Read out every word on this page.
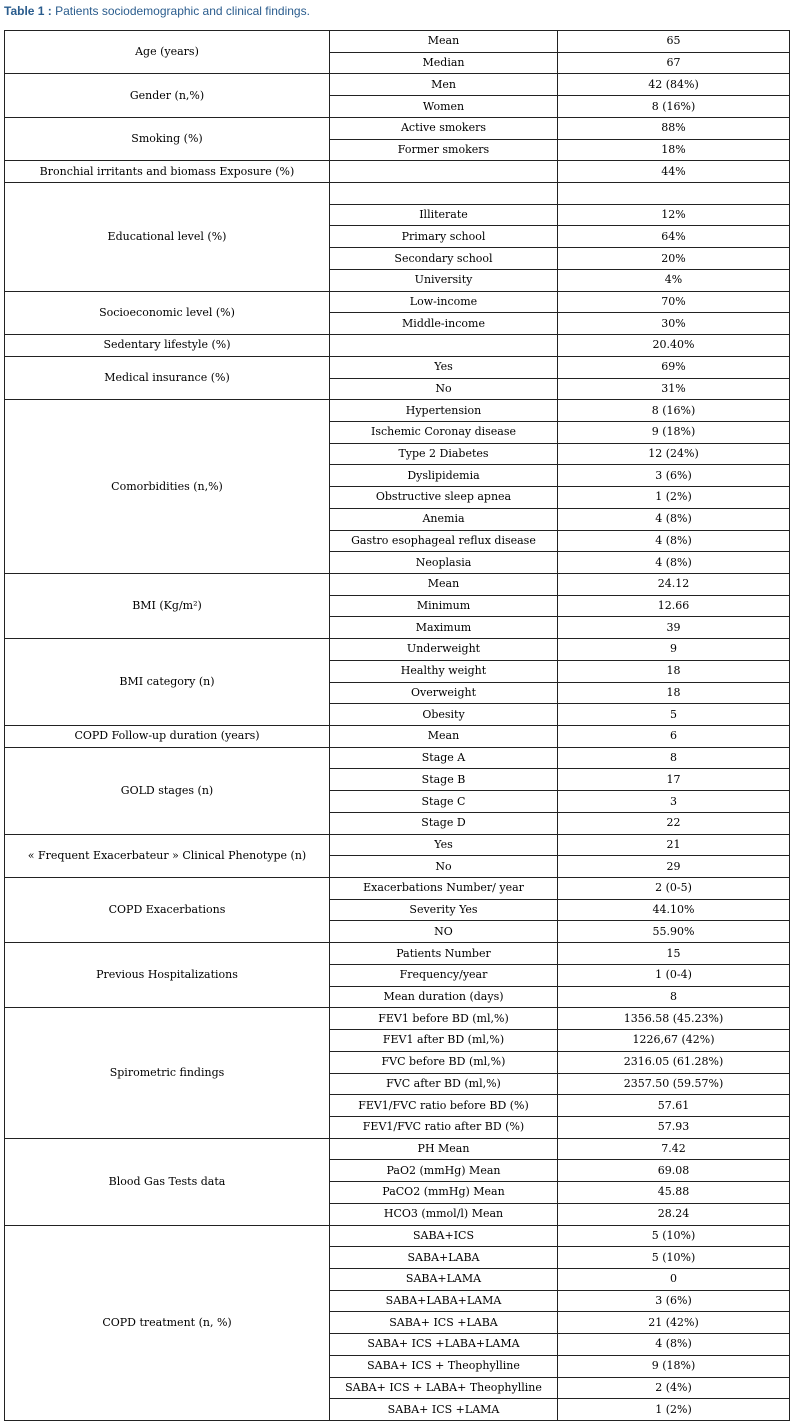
Table 1 : Patients sociodemographic and clinical findings.
Age (years)	Mean	65
	Median	67
Gender (n,%)	Men	42 (84%)
	Women	8 (16%)
Smoking (%)	Active smokers	88%
	Former smokers	18%
Bronchial irritants and biomass Exposure (%)		44%
Educational level (%)		
	Illiterate	12%
	Primary school	64%
	Secondary school	20%
	University	4%
Socioeconomic level (%)	Low-income	70%
	Middle-income	30%
Sedentary lifestyle (%)		20.40%
Medical insurance (%)	Yes	69%
	No	31%
Comorbidities (n,%)	Hypertension	8 (16%)
	Ischemic Coronay disease	9 (18%)
	Type 2 Diabetes	12 (24%)
	Dyslipidemia	3 (6%)
	Obstructive sleep apnea	1 (2%)
	Anemia	4 (8%)
	Gastro esophageal reflux disease	4 (8%)
	Neoplasia	4 (8%)
BMI (Kg/m²)	Mean	24.12
	Minimum	12.66
	Maximum	39
BMI category (n)	Underweight	9
	Healthy weight	18
	Overweight	18
	Obesity	5
COPD Follow-up duration (years)	Mean	6
GOLD stages (n)	Stage A	8
	Stage B	17
	Stage C	3
	Stage D	22
« Frequent Exacerbateur » Clinical Phenotype (n)	Yes	21
	No	29
COPD Exacerbations	Exacerbations Number/ year	2 (0-5)
	Severity Yes	44.10%
	NO	55.90%
Previous Hospitalizations	Patients Number	15
	Frequency/year	1 (0-4)
	Mean duration (days)	8
Spirometric findings	FEV1 before BD (ml,%)	1356.58 (45.23%)
	FEV1 after BD (ml,%)	1226,67 (42%)
	FVC before BD (ml,%)	2316.05 (61.28%)
	FVC after BD (ml,%)	2357.50 (59.57%)
	FEV1/FVC ratio before BD (%)	57.61
	FEV1/FVC ratio after BD (%)	57.93
Blood Gas Tests data	PH Mean	7.42
	PaO2 (mmHg) Mean	69.08
	PaCO2 (mmHg) Mean	45.88
	HCO3 (mmol/l) Mean	28.24
COPD treatment (n, %)	SABA+ICS	5 (10%)
	SABA+LABA	5 (10%)
	SABA+LAMA	0
	SABA+LABA+LAMA	3 (6%)
	SABA+ ICS +LABA	21 (42%)
	SABA+ ICS +LABA+LAMA	4 (8%)
	SABA+ ICS + Theophylline	9 (18%)
	SABA+ ICS + LABA+ Theophylline	2 (4%)
	SABA+ ICS +LAMA	1 (2%)
